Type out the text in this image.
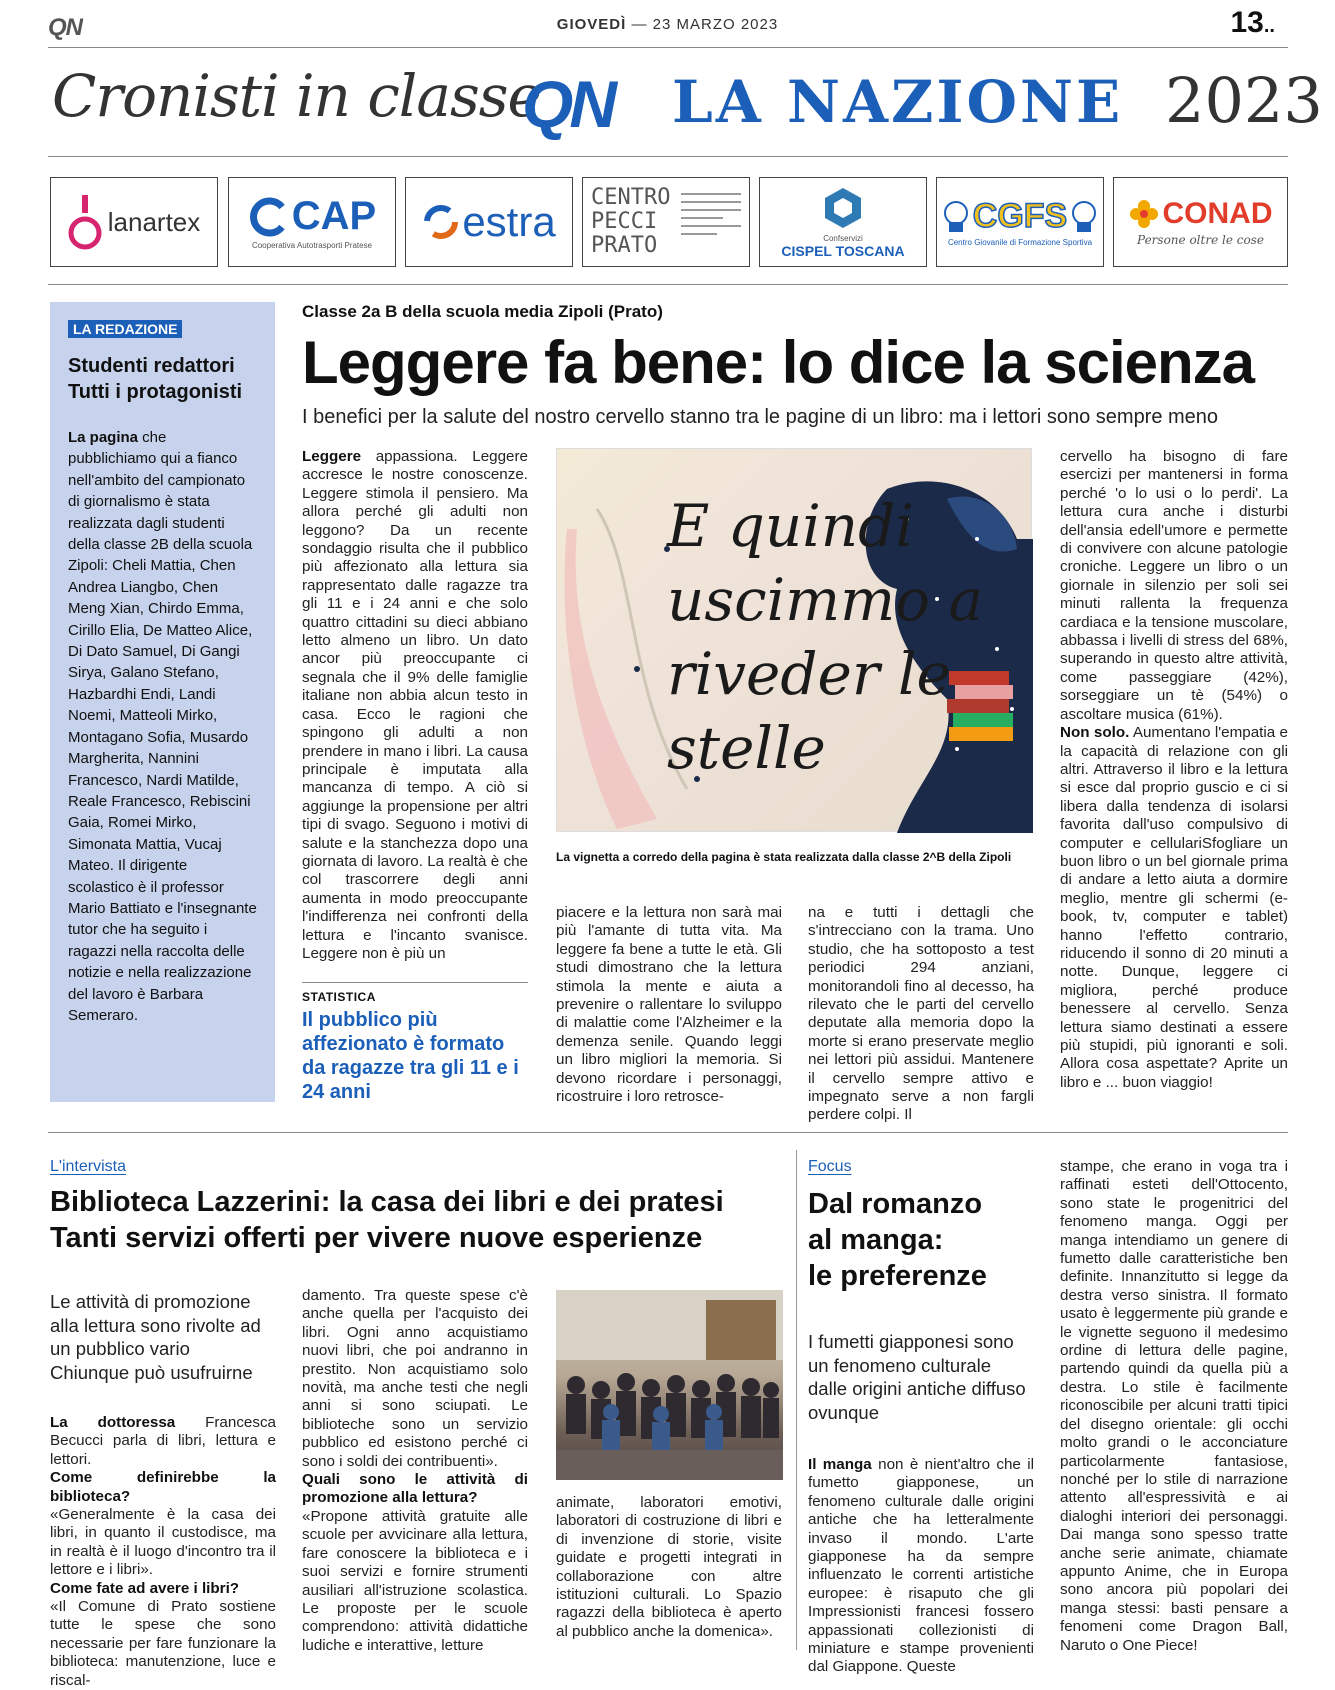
QN	GIOVEDÌ — 23 MARZO 2023	13..
Cronisti in classe
QN LA NAZIONE 2023
lanartex CAP
Cooperativa Autotrasporti Pratese
estra
CENTRO PECCI PRATO	Confservizi
CISPEL TOSCANA
CGFS
Centro Giovanile di Formazione Sportiva
CONAD
Persone oltre le cose
LA REDAZIONE
Studenti redattori
Tutti i protagonisti
La pagina che pubblichiamo qui a fianco nell'ambito del campionato di giornalismo è stata realizzata dagli studenti della classe 2B della scuola Zipoli: Cheli Mattia, Chen Andrea Liangbo, Chen Meng Xian, Chirdo Emma, Cirillo Elia, De Matteo Alice, Di Dato Samuel, Di Gangi Sirya, Galano Stefano, Hazbardhi Endi, Landi Noemi, Matteoli Mirko, Montagano Sofia, Musardo Margherita, Nannini Francesco, Nardi Matilde, Reale Francesco, Rebiscini Gaia, Romei Mirko, Simonata Mattia, Vucaj Mateo. Il dirigente scolastico è il professor Mario Battiato e l'insegnante tutor che ha seguito i ragazzi nella raccolta delle notizie e nella realizzazione del lavoro è Barbara Semeraro.
Classe 2a B della scuola media Zipoli (Prato)
Leggere fa bene: lo dice la scienza
I benefici per la salute del nostro cervello stanno tra le pagine di un libro: ma i lettori sono sempre meno
Leggere appassiona. Leggere accresce le nostre conoscenze. Leggere stimola il pensiero. Ma allora perché gli adulti non leggono? Da un recente sondaggio risulta che il pubblico più affezionato alla lettura sia rappresentato dalle ragazze tra gli 11 e i 24 anni e che solo quattro cittadini su dieci abbiano letto almeno un libro. Un dato ancor più preoccupante ci segnala che il 9% delle famiglie italiane non abbia alcun testo in casa. Ecco le ragioni che spingono gli adulti a non prendere in mano i libri. La causa principale è imputata alla mancanza di tempo. A ciò si aggiunge la propensione per altri tipi di svago. Seguono i motivi di salute e la stanchezza dopo una giornata di lavoro. La realtà è che col trascorrere degli anni aumenta in modo preoccupante l'indifferenza nei confronti della lettura e l'incanto svanisce. Leggere non è più un
STATISTICA
Il pubblico più affezionato è formato da ragazze tra gli 11 e i 24 anni
E quindi
uscimmo a
riveder le
stelle
La vignetta a corredo della pagina è stata realizzata dalla classe 2^B della Zipoli
piacere e la lettura non sarà mai più l'amante di tutta vita. Ma leggere fa bene a tutte le età. Gli studi dimostrano che la lettura stimola la mente e aiuta a prevenire o rallentare lo sviluppo di malattie come l'Alzheimer e la demenza senile. Quando leggi un libro migliori la memoria. Si devono ricordare i personaggi, ricostruire i loro retrosce-
na e tutti i dettagli che s'intrecciano con la trama. Uno studio, che ha sottoposto a test periodici 294 anziani, monitorandoli fino al decesso, ha rilevato che le parti del cervello deputate alla memoria dopo la morte si erano preservate meglio nei lettori più assidui. Mantenere il cervello sempre attivo e impegnato serve a non fargli perdere colpi. Il

cervello ha bisogno di fare esercizi per mantenersi in forma perché 'o lo usi o lo perdi'. La lettura cura anche i disturbi dell'ansia edell'umore e permette di convivere con alcune patologie croniche. Leggere un libro o un giornale in silenzio per soli sei minuti rallenta la frequenza cardiaca e la tensione muscolare, abbassa i livelli di stress del 68%, superando in questo altre attività, come passeggiare (42%), sorseggiare un tè (54%) o ascoltare musica (61%).

Non solo. Aumentano l'empatia e la capacità di relazione con gli altri. Attraverso il libro e la lettura si esce dal proprio guscio e ci si libera dalla tendenza di isolarsi favorita dall'uso compulsivo di computer e cellulariSfogliare un buon libro o un bel giornale prima di andare a letto aiuta a dormire meglio, mentre gli schermi (e-book, tv, computer e tablet) hanno l'effetto contrario, riducendo il sonno di 20 minuti a notte. Dunque, leggere ci migliora, perché produce benessere al cervello. Senza lettura siamo destinati a essere più stupidi, più ignoranti e soli. Allora cosa aspettate? Aprite un libro e ... buon viaggio!

L'intervista
Biblioteca Lazzerini: la casa dei libri e dei pratesi
Tanti servizi offerti per vivere nuove esperienze
Le attività di promozione alla lettura sono rivolte ad un pubblico vario Chiunque può usufruirne

La dottoressa Francesca Becucci parla di libri, lettura e lettori.

Come definirebbe la biblioteca?

«Generalmente è la casa dei libri, in quanto il custodisce, ma in realtà è il luogo d'incontro tra il lettore e i libri».

Come fate ad avere i libri?

«Il Comune di Prato sostiene tutte le spese che sono necessarie per fare funzionare la biblioteca: manutenzione, luce e riscal-

damento. Tra queste spese c'è anche quella per l'acquisto dei libri. Ogni anno acquistiamo nuovi libri, che poi andranno in prestito. Non acquistiamo solo novità, ma anche testi che negli anni si sono sciupati. Le biblioteche sono un servizio pubblico ed esistono perché ci sono i soldi dei contribuenti».

Quali sono le attività di promozione alla lettura?

«Propone attività gratuite alle scuole per avvicinare alla lettura, fare conoscere la biblioteca e i suoi servizi e fornire strumenti ausiliari all'istruzione scolastica. Le proposte per le scuole comprendono: attività didattiche ludiche e interattive, letture

animate, laboratori emotivi, laboratori di costruzione di libri e di invenzione di storie, visite guidate e progetti integrati in collaborazione con altre istituzioni culturali. Lo Spazio ragazzi della biblioteca è aperto al pubblico anche la domenica».
Focus
Dal romanzo
al manga:
le preferenze
I fumetti giapponesi sono un fenomeno culturale dalle origini antiche diffuso ovunque
Il manga non è nient'altro che il fumetto giapponese, un fenomeno culturale dalle origini antiche che ha letteralmente invaso il mondo. L'arte giapponese ha da sempre influenzato le correnti artistiche europee: è risaputo che gli Impressionisti francesi fossero appassionati collezionisti di miniature e stampe provenienti dal Giappone. Queste
stampe, che erano in voga tra i raffinati esteti dell'Ottocento, sono state le progenitrici del fenomeno manga. Oggi per manga intendiamo un genere di fumetto dalle caratteristiche ben definite. Innanzitutto si legge da destra verso sinistra. Il formato usato è leggermente più grande e le vignette seguono il medesimo ordine di lettura delle pagine, partendo quindi da quella più a destra. Lo stile è facilmente riconoscibile per alcuni tratti tipici del disegno orientale: gli occhi molto grandi o le acconciature particolarmente fantasiose, nonché per lo stile di narrazione attento all'espressività e ai dialoghi interiori dei personaggi. Dai manga sono spesso tratte anche serie animate, chiamate appunto Anime, che in Europa sono ancora più popolari dei manga stessi: basti pensare a fenomeni come Dragon Ball, Naruto o One Piece!
